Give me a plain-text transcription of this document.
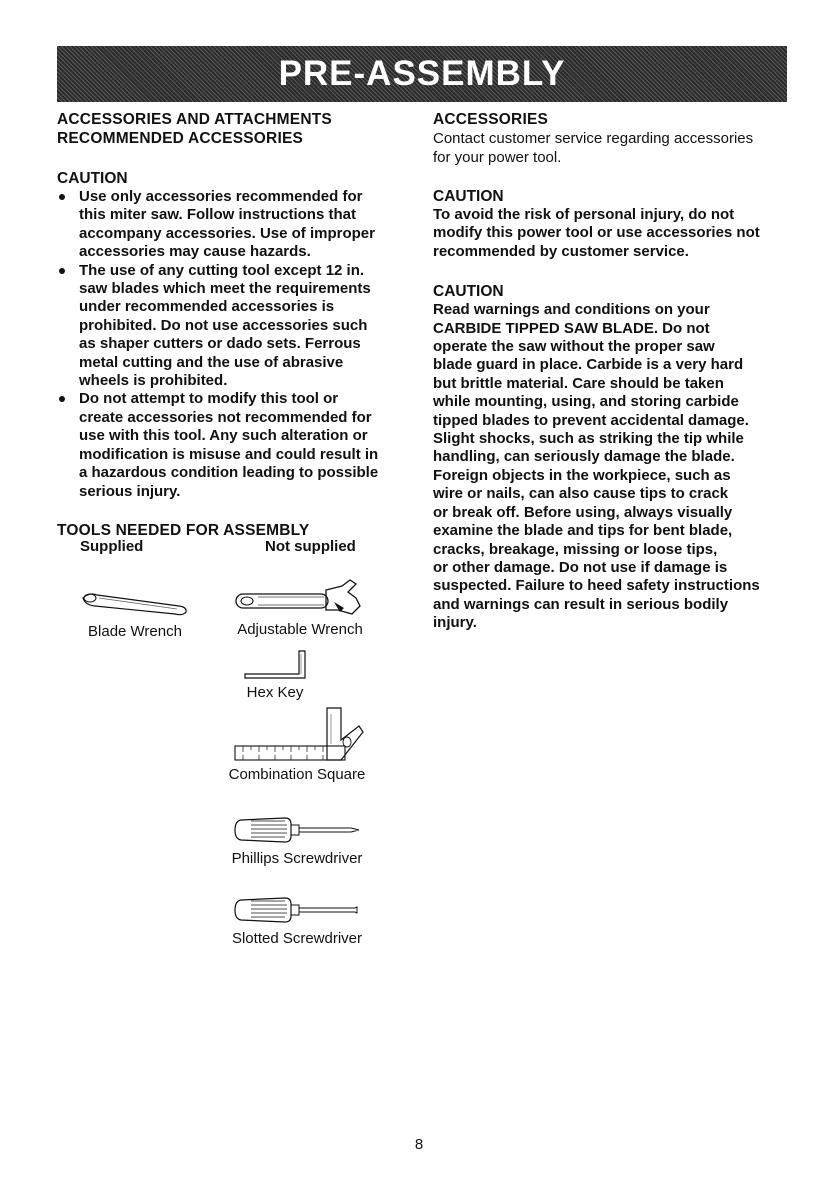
PRE-ASSEMBLY

ACCESSORIES AND ATTACHMENTS

RECOMMENDED ACCESSORIES

CAUTION

Use only accessories recommended for
this miter saw. Follow instructions that
accompany accessories. Use of improper
accessories may cause hazards.
The use of any cutting tool except 12 in.
saw blades which meet the requirements
under recommended accessories is
prohibited. Do not use accessories such
as shaper cutters or dado sets. Ferrous
metal cutting and the use of abrasive
wheels is prohibited.
Do not attempt to modify this tool or
create accessories not recommended for
use with this tool. Any such alteration or
modification is misuse and could result in
a hazardous condition leading to possible
serious injury.

TOOLS NEEDED FOR ASSEMBLY

Supplied	Not supplied
Blade Wrench	Adjustable Wrench
Hex Key
Combination Square
Phillips Screwdriver
Slotted Screwdriver

ACCESSORIES

Contact customer service regarding accessories
for your power tool.

CAUTION

To avoid the risk of personal injury, do not
modify this power tool or use accessories not
recommended by customer service.

CAUTION

Read warnings and conditions on your
CARBIDE TIPPED SAW BLADE. Do not
operate the saw without the proper saw
blade guard in place. Carbide is a very hard
but brittle material. Care should be taken
while mounting, using, and storing carbide
tipped blades to prevent accidental damage.
Slight shocks, such as striking the tip while
handling, can seriously damage the blade.
Foreign objects in the workpiece, such as
wire or nails, can also cause tips to crack
or break off. Before using, always visually
examine the blade and tips for bent blade,
cracks, breakage, missing or loose tips,
or other damage. Do not use if damage is
suspected. Failure to heed safety instructions
and warnings can result in serious bodily
injury.

8
